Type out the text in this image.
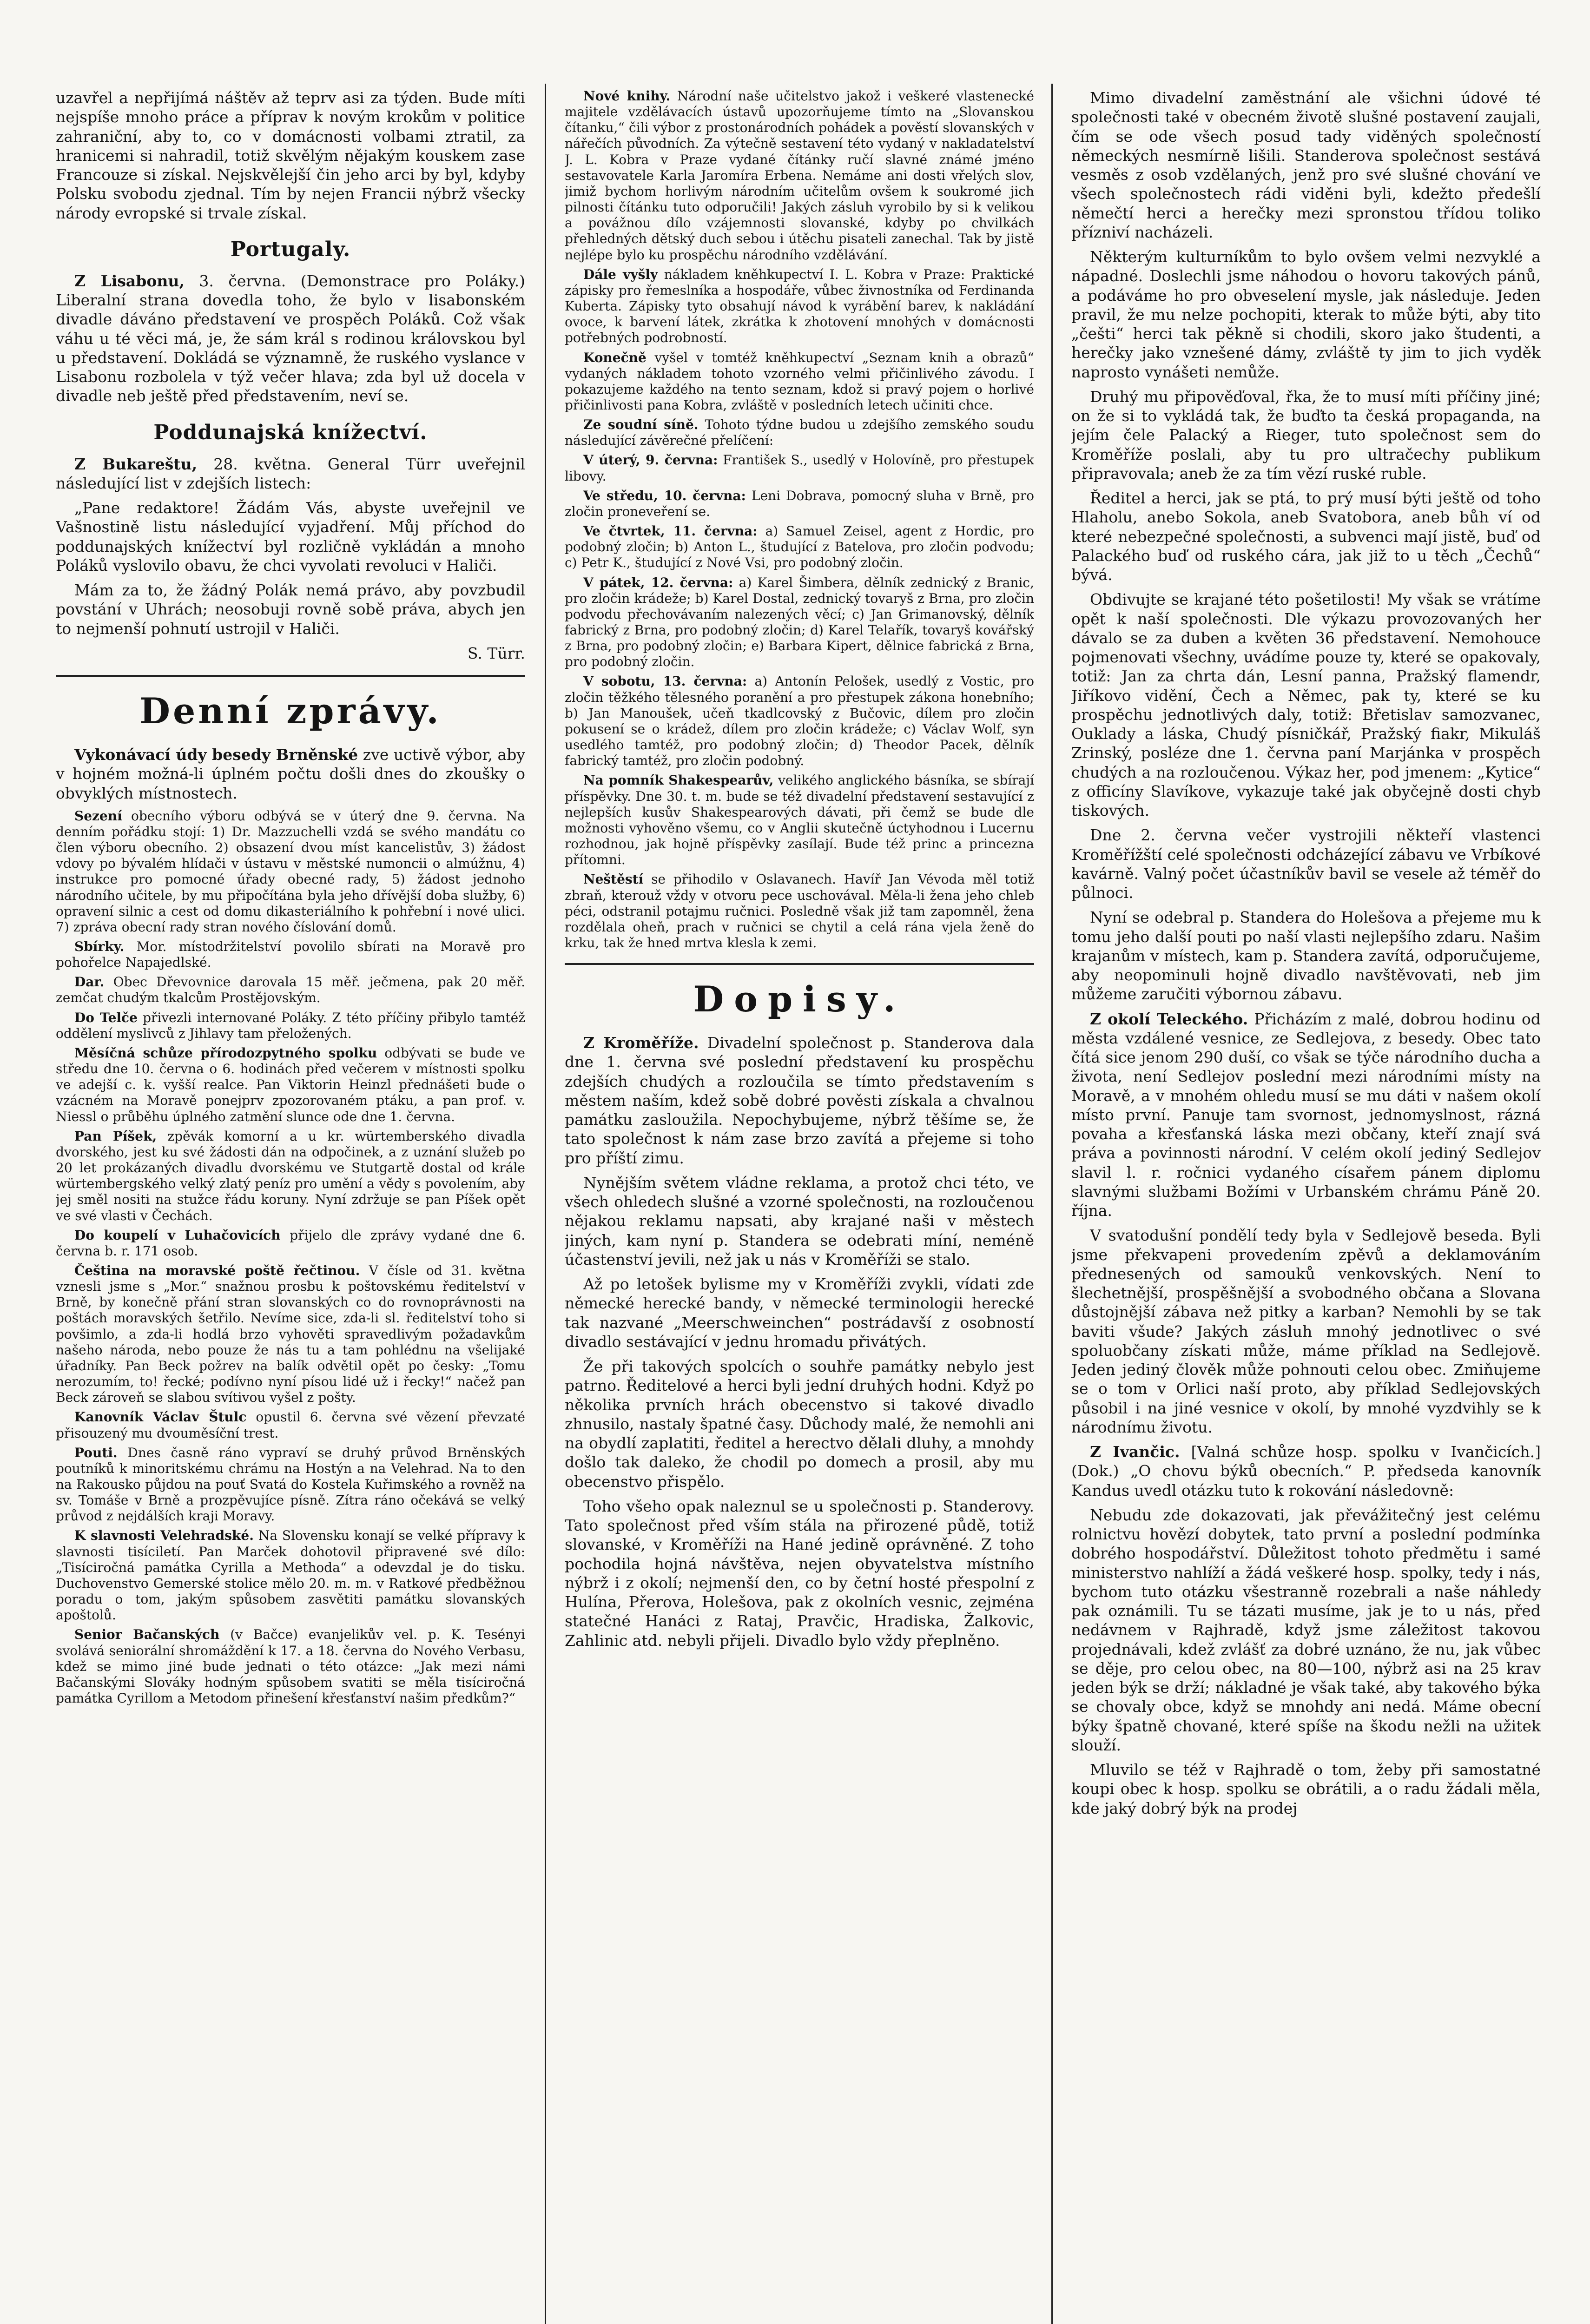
uzavřel a nepřijímá náštěv až teprv asi za týden. Bude míti nejspíše mnoho práce a příprav k novým krokům v politice zahraniční, aby to, co v domácnosti volbami ztratil, za hranicemi si nahradil, totiž skvělým nějakým kouskem zase Francouze si získal. Nejskvělejší čin jeho arci by byl, kdyby Polsku svobodu zjednal. Tím by nejen Francii nýbrž všecky národy evropské si trvale získal.

Portugaly.

Z Lisabonu, 3. června. (Demonstrace pro Poláky.) Liberalní strana dovedla toho, že bylo v lisabonském divadle dáváno představení ve prospěch Poláků. Což však váhu u té věci má, je, že sám král s rodinou královskou byl u představení. Dokládá se významně, že ruského vyslance v Lisabonu rozbolela v týž večer hlava; zda byl už docela v divadle neb ještě před představením, neví se.

Poddunajská knížectví.

Z Bukareštu, 28. května. General Türr uveřejnil následující list v zdejších listech:

„Pane redaktore! Žádám Vás, abyste uveřejnil ve Vašnostině listu následující vyjadření. Můj příchod do poddunajských knížectví byl rozličně vykládán a mnoho Poláků vyslovilo obavu, že chci vyvolati revoluci v Haliči.

Mám za to, že žádný Polák nemá právo, aby povzbudil povstání v Uhrách; neosobuji rovně sobě práva, abych jen to nejmenší pohnutí ustrojil v Haliči.

S. Türr.

Denní zprávy.

Vykonávací údy besedy Brněnské zve uctivě výbor, aby v hojném možná-li úplném počtu došli dnes do zkoušky o obvyklých místnostech.

Sezení obecního výboru odbývá se v úterý dne 9. června. Na denním pořádku stojí: 1) Dr. Mazzuchelli vzdá se svého mandátu co člen výboru obecního. 2) obsazení dvou míst kancelistův, 3) žádost vdovy po bývalém hlídači v ústavu v městské numoncii o almúžnu, 4) instrukce pro pomocné úřady obecné rady, 5) žádost jednoho národního učitele, by mu připočítána byla jeho dřívější doba služby, 6) opravení silnic a cest od domu dikasteriálního k pohřební i nové ulici. 7) zpráva obecní rady stran nového číslování domů.

Sbírky. Mor. místodržitelství povolilo sbírati na Moravě pro pohořelce Napajedlské.

Dar. Obec Dřevovnice darovala 15 měř. ječmena, pak 20 měř. zemčat chudým tkalcům Prostějovským.

Do Telče přivezli internované Poláky. Z této příčiny přibylo tamtéž oddělení myslivců z Jihlavy tam přeložených.

Měsíčná schůze přírodozpytného spolku odbývati se bude ve středu dne 10. června o 6. hodinách před večerem v místnosti spolku ve adejší c. k. vyšší realce. Pan Viktorin Heinzl přednášeti bude o vzácném na Moravě ponejprv zpozorovaném ptáku, a pan prof. v. Niessl o průběhu úplného zatmění slunce ode dne 1. června.

Pan Píšek, zpěvák komorní a u kr. würtemberského divadla dvorského, jest ku své žádosti dán na odpočinek, a z uznání služeb po 20 let prokázaných divadlu dvorskému ve Stutgartě dostal od krále würtembergského velký zlatý peníz pro umění a vědy s povolením, aby jej směl nositi na stužce řádu koruny. Nyní zdržuje se pan Píšek opět ve své vlasti v Čechách.

Do koupelí v Luhačovicích přijelo dle zprávy vydané dne 6. června b. r. 171 osob.

Čeština na moravské poště řečtinou. V čísle od 31. května vznesli jsme s „Mor.“ snažnou prosbu k poštovskému ředitelství v Brně, by konečně přání stran slovanských co do rovnoprávnosti na poštách moravských šetřilo. Nevíme sice, zda-li sl. ředitelství toho si povšimlo, a zda-li hodlá brzo vyhověti spravedlivým požadavkům našeho národa, nebo pouze že nás tu a tam pohlédnu na všelijaké úřadníky. Pan Beck požrev na balík odvětil opět po česky: „Tomu nerozumím, to! řecké; podívno nyní písou lidé už i řecky!“ načež pan Beck zároveň se slabou svítivou vyšel z pošty.

Kanovník Václav Štulc opustil 6. června své vězení převzaté přisouzený mu dvouměsíční trest.

Pouti. Dnes časně ráno vypraví se druhý průvod Brněnských poutníků k minoritskému chrámu na Hostýn a na Velehrad. Na to den na Rakousko půjdou na pouť Svatá do Kostela Kuřimského a rovněž na sv. Tomáše v Brně a prozpěvujíce písně. Zítra ráno očekává se velký průvod z nejdálších kraji Moravy.

K slavnosti Velehradské. Na Slovensku konají se velké přípravy k slavnosti tisíciletí. Pan Marček dohotovil připravené své dílo: „Tisíciročná památka Cyrilla a Methoda“ a odevzdal je do tisku. Duchovenstvo Gemerské stolice mělo 20. m. m. v Ratkové předběžnou poradu o tom, jakým spůsobem zasvětiti památku slovanských apoštolů.

Senior Bačanských (v Bačce) evanjelikův vel. p. K. Tesényi svolává seniorální shromáždění k 17. a 18. června do Nového Verbasu, kdež se mimo jiné bude jednati o této otázce: „Jak mezi námi Bačanskými Slováky hodným spůsobem svatiti se měla tisíciročná památka Cyrillom a Metodom přinešení křesťanství našim předkům?“

Nové knihy. Národní naše učitelstvo jakož i veškeré vlastenecké majitele vzdělávacích ústavů upozorňujeme tímto na „Slovanskou čítanku,“ čili výbor z prostonárodních pohádek a pověstí slovanských v nářečích původních. Za výtečně sestavení této vydaný v nakladatelství J. L. Kobra v Praze vydané čítánky ručí slavné známé jméno sestavovatele Karla Jaromíra Erbena. Nemáme ani dosti vřelých slov, jimiž bychom horlivým národním učitelům ovšem k soukromé jich pilnosti čítánku tuto odporučili! Jakých zásluh vyrobilo by si k velikou a povážnou dílo vzájemnosti slovanské, kdyby po chvilkách přehledných dětský duch sebou i útěchu pisateli zanechal. Tak by jistě nejlépe bylo ku prospěchu národního vzdělávání.

Dále vyšly nákladem kněhkupectví I. L. Kobra v Praze: Praktické zápisky pro řemeslníka a hospodáře, vůbec živnostníka od Ferdinanda Kuberta. Zápisky tyto obsahují návod k vyrábění barev, k nakládání ovoce, k barvení látek, zkrátka k zhotovení mnohých v domácnosti potřebných podrobností.

Konečně vyšel v tomtéž kněhkupectví „Seznam knih a obrazů“ vydaných nákladem tohoto vzorného velmi přičinlivého závodu. I pokazujeme každého na tento seznam, kdož si pravý pojem o horlivé přičinlivosti pana Kobra, zvláště v posledních letech učiniti chce.

Ze soudní síně. Tohoto týdne budou u zdejšího zemského soudu následující závěrečné přelíčení:

V úterý, 9. června: František S., usedlý v Holovíně, pro přestupek libovy.

Ve středu, 10. června: Leni Dobrava, pomocný sluha v Brně, pro zločin proneveření se.

Ve čtvrtek, 11. června: a) Samuel Zeisel, agent z Hordic, pro podobný zločin; b) Anton L., študující z Batelova, pro zločin podvodu; c) Petr K., študující z Nové Vsi, pro podobný zločin.

V pátek, 12. června: a) Karel Šimbera, dělník zednický z Branic, pro zločin krádeže; b) Karel Dostal, zednický tovaryš z Brna, pro zločin podvodu přechovávaním nalezených věcí; c) Jan Grimanovský, dělník fabrický z Brna, pro podobný zločin; d) Karel Telařík, tovaryš kovářský z Brna, pro podobný zločin; e) Barbara Kipert, dělnice fabrická z Brna, pro podobný zločin.

V sobotu, 13. června: a) Antonín Pelošek, usedlý z Vostic, pro zločin těžkého tělesného poranění a pro přestupek zákona honebního; b) Jan Manoušek, učeň tkadlcovský z Bučovic, dílem pro zločin pokusení se o krádež, dílem pro zločin krádeže; c) Václav Wolf, syn usedlého tamtéž, pro podobný zločin; d) Theodor Pacek, dělník fabrický tamtéž, pro zločin podobný.

Na pomník Shakespearův, velikého anglického básníka, se sbírají příspěvky. Dne 30. t. m. bude se též divadelní představení sestavující z nejlepších kusův Shakespearových dávati, při čemž se bude dle možnosti vyhověno všemu, co v Anglii skutečně úctyhodnou i Lucernu rozhodnou, jak hojně příspěvky zasílají. Bude též princ a princezna přítomni.

Neštěstí se přihodilo v Oslavanech. Havíř Jan Vévoda měl totiž zbraň, kterouž vždy v otvoru pece uschovával. Měla-li žena jeho chleb péci, odstranil potajmu ručnici. Posledně však již tam zapomněl, žena rozdělala oheň, prach v ručnici se chytil a celá rána vjela ženě do krku, tak že hned mrtva klesla k zemi.

Dopisy.

Z Kroměříže. Divadelní společnost p. Standerova dala dne 1. června své poslední představení ku prospěchu zdejších chudých a rozloučila se tímto představením s městem naším, kdež sobě dobré pověsti získala a chvalnou památku zasloužila. Nepochybujeme, nýbrž těšíme se, že tato společnost k nám zase brzo zavítá a přejeme si toho pro příští zimu.

Nynějším světem vládne reklama, a protož chci této, ve všech ohledech slušné a vzorné společnosti, na rozloučenou nějakou reklamu napsati, aby krajané naši v městech jiných, kam nyní p. Standera se odebrati míní, neméně účastenství jevili, než jak u nás v Kroměříži se stalo.

Až po letošek bylisme my v Kroměříži zvykli, vídati zde německé herecké bandy, v německé terminologii herecké tak nazvané „Meerschweinchen“ postrádavší z osobností divadlo sestávající v jednu hromadu přivátých.

Že při takových spolcích o souhře památky nebylo jest patrno. Ředitelové a herci byli jední druhých hodni. Když po několika prvních hrách obecenstvo si takové divadlo zhnusilo, nastaly špatné časy. Důchody malé, že nemohli ani na obydlí zaplatiti, ředitel a herectvo dělali dluhy, a mnohdy došlo tak daleko, že chodil po domech a prosil, aby mu obecenstvo přispělo.

Toho všeho opak naleznul se u společnosti p. Standerovy. Tato společnost před vším stála na přirozené půdě, totiž slovanské, v Kroměříži na Hané jedině oprávněné. Z toho pochodila hojná návštěva, nejen obyvatelstva místního nýbrž i z okolí; nejmenší den, co by četní hosté přespolní z Hulína, Přerova, Holešova, pak z okolních vesnic, zejména statečné Hanáci z Rataj, Pravčic, Hradiska, Žalkovic, Zahlinic atd. nebyli přijeli. Divadlo bylo vždy přeplněno.

Mimo divadelní zaměstnání ale všichni údové té společnosti také v obecném životě slušné postavení zaujali, čím se ode všech posud tady viděných společností německých nesmírně lišili. Standerova společnost sestává vesměs z osob vzdělaných, jenž pro své slušné chování ve všech společnostech rádi viděni byli, kdežto předešlí němečtí herci a herečky mezi spronstou třídou toliko přízniví nacházeli.

Některým kulturníkům to bylo ovšem velmi nezvyklé a nápadné. Doslechli jsme náhodou o hovoru takových pánů, a podáváme ho pro obveselení mysle, jak následuje. Jeden pravil, že mu nelze pochopiti, kterak to může býti, aby tito „češti“ herci tak pěkně si chodili, skoro jako študenti, a herečky jako vznešené dámy, zvláště ty jim to jich vyděk naprosto vynášeti nemůže.

Druhý mu připověďoval, řka, že to musí míti příčiny jiné; on že si to vykládá tak, že buďto ta česká propaganda, na jejím čele Palacký a Rieger, tuto společnost sem do Kroměříže poslali, aby tu pro ultračechy publikum připravovala; aneb že za tím vězí ruské ruble.

Ředitel a herci, jak se ptá, to prý musí býti ještě od toho Hlaholu, anebo Sokola, aneb Svatobora, aneb bůh ví od které nebezpečné společnosti, a subvenci mají jistě, buď od Palackého buď od ruského cára, jak již to u těch „Čechů“ bývá.

Obdivujte se krajané této pošetilosti! My však se vrátíme opět k naší společnosti. Dle výkazu provozovaných her dávalo se za duben a květen 36 představení. Nemohouce pojmenovati všechny, uvádíme pouze ty, které se opakovaly, totiž: Jan za chrta dán, Lesní panna, Pražský flamendr, Jiříkovo vidění, Čech a Němec, pak ty, které se ku prospěchu jednotlivých daly, totiž: Břetislav samozvanec, Ouklady a láska, Chudý písničkář, Pražský fiakr, Mikuláš Zrinský, posléze dne 1. června paní Marjánka v prospěch chudých a na rozloučenou. Výkaz her, pod jmenem: „Kytice“ z officíny Slavíkove, vykazuje také jak obyčejně dosti chyb tiskových.

Dne 2. června večer vystrojili někteří vlastenci Kroměřížští celé společnosti odcházející zábavu ve Vrbíkové kavárně. Valný počet účastníkův bavil se vesele až téměř do půlnoci.

Nyní se odebral p. Standera do Holešova a přejeme mu k tomu jeho další pouti po naší vlasti nejlepšího zdaru. Našim krajanům v místech, kam p. Standera zavítá, odporučujeme, aby neopominuli hojně divadlo navštěvovati, neb jim můžeme zaručiti výbornou zábavu.

Z okolí Teleckého. Přicházím z malé, dobrou hodinu od města vzdálené vesnice, ze Sedlejova, z besedy. Obec tato čítá sice jenom 290 duší, co však se týče národního ducha a života, není Sedlejov poslední mezi národními místy na Moravě, a v mnohém ohledu musí se mu dáti v našem okolí místo první. Panuje tam svornost, jednomyslnost, rázná povaha a křesťanská láska mezi občany, kteří znají svá práva a povinnosti národní. V celém okolí jediný Sedlejov slavil l. r. ročnici vydaného císařem pánem diplomu slavnými službami Božími v Urbanském chrámu Páně 20. října.

V svatodušní pondělí tedy byla v Sedlejově beseda. Byli jsme překvapeni provedením zpěvů a deklamováním přednesených od samouků venkovských. Není to šlechetnější, prospěšnější a svobodného občana a Slovana důstojnější zábava než pitky a karban? Nemohli by se tak baviti všude? Jakých zásluh mnohý jednotlivec o své spoluobčany získati může, máme příklad na Sedlejově. Jeden jediný člověk může pohnouti celou obec. Zmiňujeme se o tom v Orlici naší proto, aby příklad Sedlejovských působil i na jiné vesnice v okolí, by mnohé vyzdvihly se k národnímu životu.

Z Ivančic. [Valná schůze hosp. spolku v Ivančicích.] (Dok.) „O chovu býků obecních.“ P. předseda kanovník Kandus uvedl otázku tuto k rokování následovně:

Nebudu zde dokazovati, jak převážitečný jest celému rolnictvu hovězí dobytek, tato první a poslední podmínka dobrého hospodářství. Důležitost tohoto předmětu i samé ministerstvo nahlíží a žádá veškeré hosp. spolky, tedy i nás, bychom tuto otázku všestranně rozebrali a naše náhledy pak oznámili. Tu se tázati musíme, jak je to u nás, před nedávnem v Rajhradě, když jsme záležitost takovou projednávali, kdež zvlášť za dobré uznáno, že nu, jak vůbec se děje, pro celou obec, na 80—100, nýbrž asi na 25 krav jeden býk se drží; nákladné je však také, aby takového býka se chovaly obce, když se mnohdy ani nedá. Máme obecní býky špatně chované, které spíše na škodu nežli na užitek slouží.

Mluvilo se též v Rajhradě o tom, žeby při samostatné koupi obec k hosp. spolku se obrátili, a o radu žádali měla, kde jaký dobrý býk na prodej
